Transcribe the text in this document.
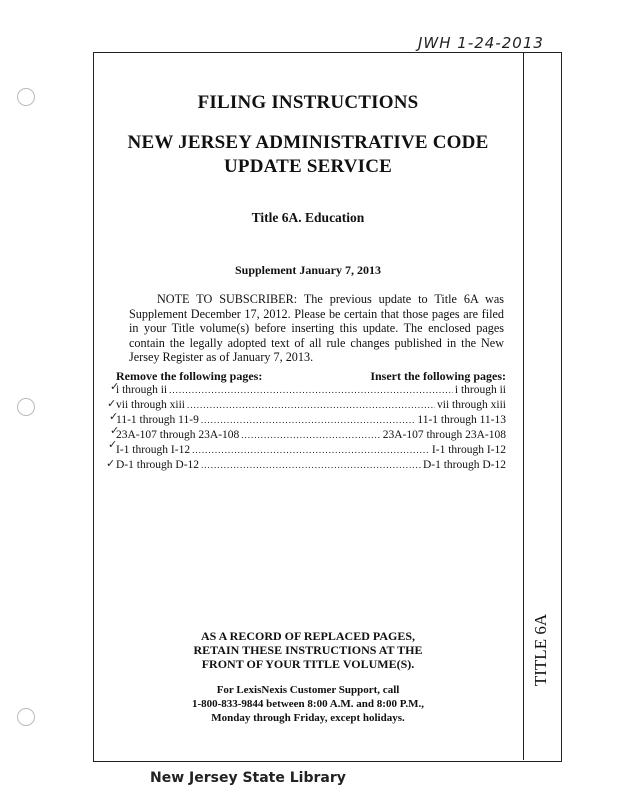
JWH 1-24-2013
FILING INSTRUCTIONS
NEW JERSEY ADMINISTRATIVE CODE
UPDATE SERVICE
Title 6A. Education
Supplement January 7, 2013
NOTE TO SUBSCRIBER: The previous update to Title 6A was Supplement December 17, 2012. Please be certain that those pages are filed in your Title volume(s) before inserting this update. The enclosed pages contain the legally adopted text of all rule changes published in the New Jersey Register as of January 7, 2013.
Remove the following pages:	Insert the following pages:
i through ii .....	i through ii
vii through xiii .....	vii through xiii
11-1 through 11-9 .....	11-1 through 11-13
23A-107 through 23A-108 .....	23A-107 through 23A-108
I-1 through I-12 .....	I-1 through I-12
D-1 through D-12 .....	D-1 through D-12
✓
✓
✓
✓
✓
✓
AS A RECORD OF REPLACED PAGES,
RETAIN THESE INSTRUCTIONS AT THE
FRONT OF YOUR TITLE VOLUME(S).
For LexisNexis Customer Support, call
1-800-833-9844 between 8:00 A.M. and 8:00 P.M.,
Monday through Friday, except holidays.
TITLE 6A
New Jersey State Library
